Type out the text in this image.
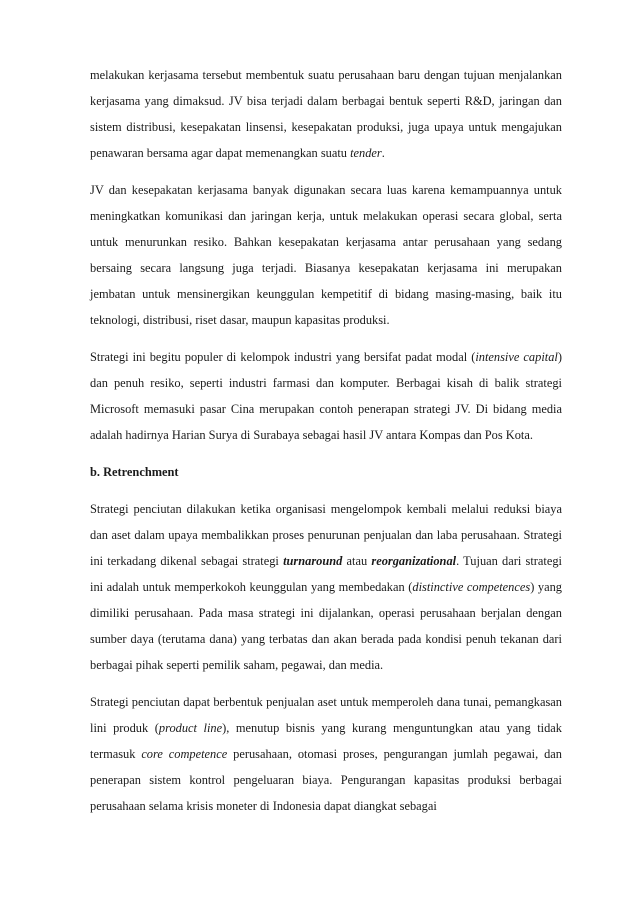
melakukan kerjasama tersebut membentuk suatu perusahaan baru dengan tujuan menjalankan kerjasama yang dimaksud. JV bisa terjadi dalam berbagai bentuk seperti R&D, jaringan dan sistem distribusi, kesepakatan linsensi, kesepakatan produksi, juga upaya untuk mengajukan penawaran bersama agar dapat memenangkan suatu tender.

JV dan kesepakatan kerjasama banyak digunakan secara luas karena kemampuannya untuk meningkatkan komunikasi dan jaringan kerja, untuk melakukan operasi secara global, serta untuk menurunkan resiko. Bahkan kesepakatan kerjasama antar perusahaan yang sedang bersaing secara langsung juga terjadi. Biasanya kesepakatan kerjasama ini merupakan jembatan untuk mensinergikan keunggulan kempetitif di bidang masing-masing, baik itu teknologi, distribusi, riset dasar, maupun kapasitas produksi.

Strategi ini begitu populer di kelompok industri yang bersifat padat modal (intensive capital) dan penuh resiko, seperti industri farmasi dan komputer. Berbagai kisah di balik strategi Microsoft memasuki pasar Cina merupakan contoh penerapan strategi JV. Di bidang media adalah hadirnya Harian Surya di Surabaya sebagai hasil JV antara Kompas dan Pos Kota.

b. Retrenchment

Strategi penciutan dilakukan ketika organisasi mengelompok kembali melalui reduksi biaya dan aset dalam upaya membalikkan proses penurunan penjualan dan laba perusahaan. Strategi ini terkadang dikenal sebagai strategi turnaround atau reorganizational. Tujuan dari strategi ini adalah untuk memperkokoh keunggulan yang membedakan (distinctive competences) yang dimiliki perusahaan. Pada masa strategi ini dijalankan, operasi perusahaan berjalan dengan sumber daya (terutama dana) yang terbatas dan akan berada pada kondisi penuh tekanan dari berbagai pihak seperti pemilik saham, pegawai, dan media.

Strategi penciutan dapat berbentuk penjualan aset untuk memperoleh dana tunai, pemangkasan lini produk (product line), menutup bisnis yang kurang menguntungkan atau yang tidak termasuk core competence perusahaan, otomasi proses, pengurangan jumlah pegawai, dan penerapan sistem kontrol pengeluaran biaya. Pengurangan kapasitas produksi berbagai perusahaan selama krisis moneter di Indonesia dapat diangkat sebagai
